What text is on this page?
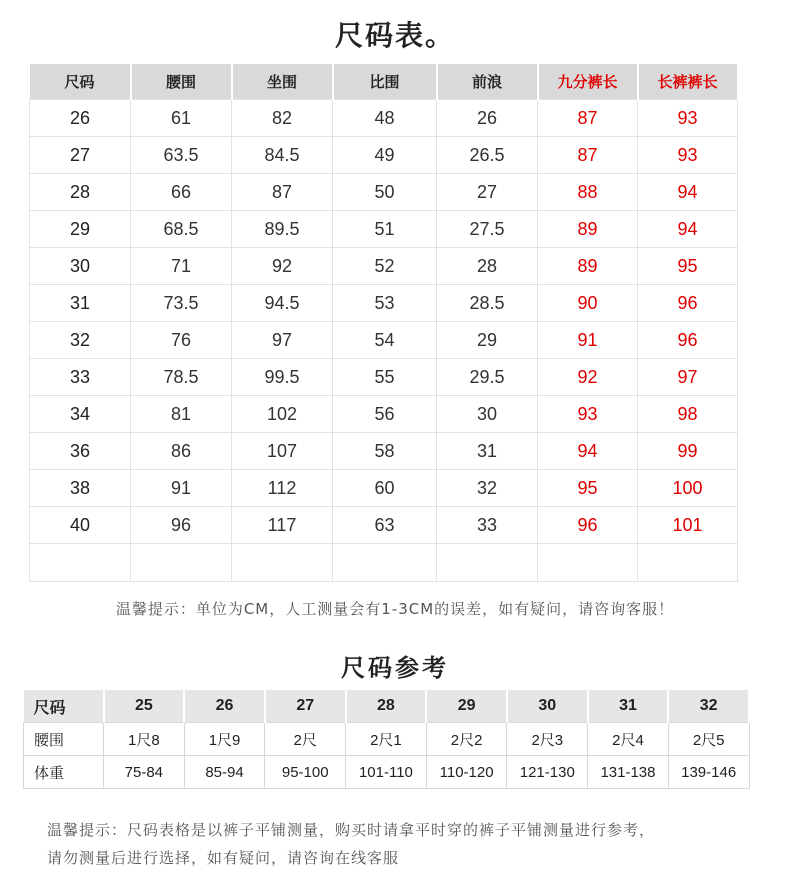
尺码表。
尺码	腰围	坐围	比围	前浪	九分裤长	长裤裤长
26	61	82	48	26	87	93
27	63.5	84.5	49	26.5	87	93
28	66	87	50	27	88	94
29	68.5	89.5	51	27.5	89	94
30	71	92	52	28	89	95
31	73.5	94.5	53	28.5	90	96
32	76	97	54	29	91	96
33	78.5	99.5	55	29.5	92	97
34	81	102	56	30	93	98
36	86	107	58	31	94	99
38	91	112	60	32	95	100
40	96	117	63	33	96	101

温馨提示：单位为CM，人工测量会有1-3CM的误差，如有疑问，请咨询客服！
尺码参考
尺码	25	26	27	28	29	30	31	32
腰围	1尺8	1尺9	2尺	2尺1	2尺2	2尺3	2尺4	2尺5
体重	75-84	85-94	95-100	101-110	110-120	121-130	131-138	139-146
温馨提示：尺码表格是以裤子平铺测量，购买时请拿平时穿的裤子平铺测量进行参考，
请勿测量后进行选择，如有疑问，请咨询在线客服
